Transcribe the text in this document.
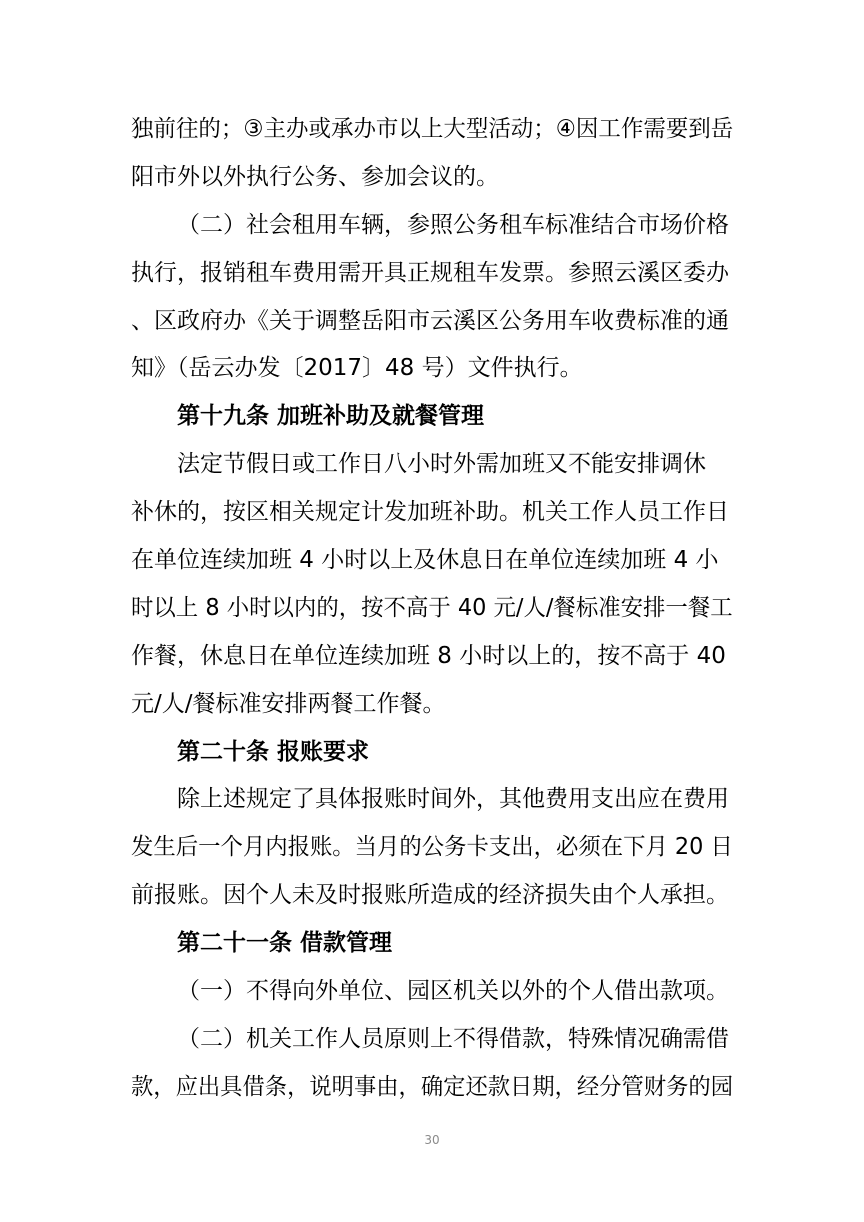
独前往的；③主办或承办市以上大型活动；④因工作需要到岳
阳市外以外执行公务、参加会议的。
（二）社会租用车辆，参照公务租车标准结合市场价格
执行，报销租车费用需开具正规租车发票。参照云溪区委办
、区政府办《关于调整岳阳市云溪区公务用车收费标准的通
知》（岳云办发〔2017〕48 号）文件执行。
第十九条 加班补助及就餐管理
法定节假日或工作日八小时外需加班又不能安排调休
补休的，按区相关规定计发加班补助。机关工作人员工作日
在单位连续加班 4 小时以上及休息日在单位连续加班 4 小
时以上 8 小时以内的，按不高于 40 元/人/餐标准安排一餐工
作餐，休息日在单位连续加班 8 小时以上的，按不高于 40
元/人/餐标准安排两餐工作餐。
第二十条 报账要求
除上述规定了具体报账时间外，其他费用支出应在费用
发生后一个月内报账。当月的公务卡支出，必须在下月 20 日
前报账。因个人未及时报账所造成的经济损失由个人承担。
第二十一条 借款管理
（一）不得向外单位、园区机关以外的个人借出款项。
（二）机关工作人员原则上不得借款，特殊情况确需借
款，应出具借条，说明事由，确定还款日期，经分管财务的园
30
